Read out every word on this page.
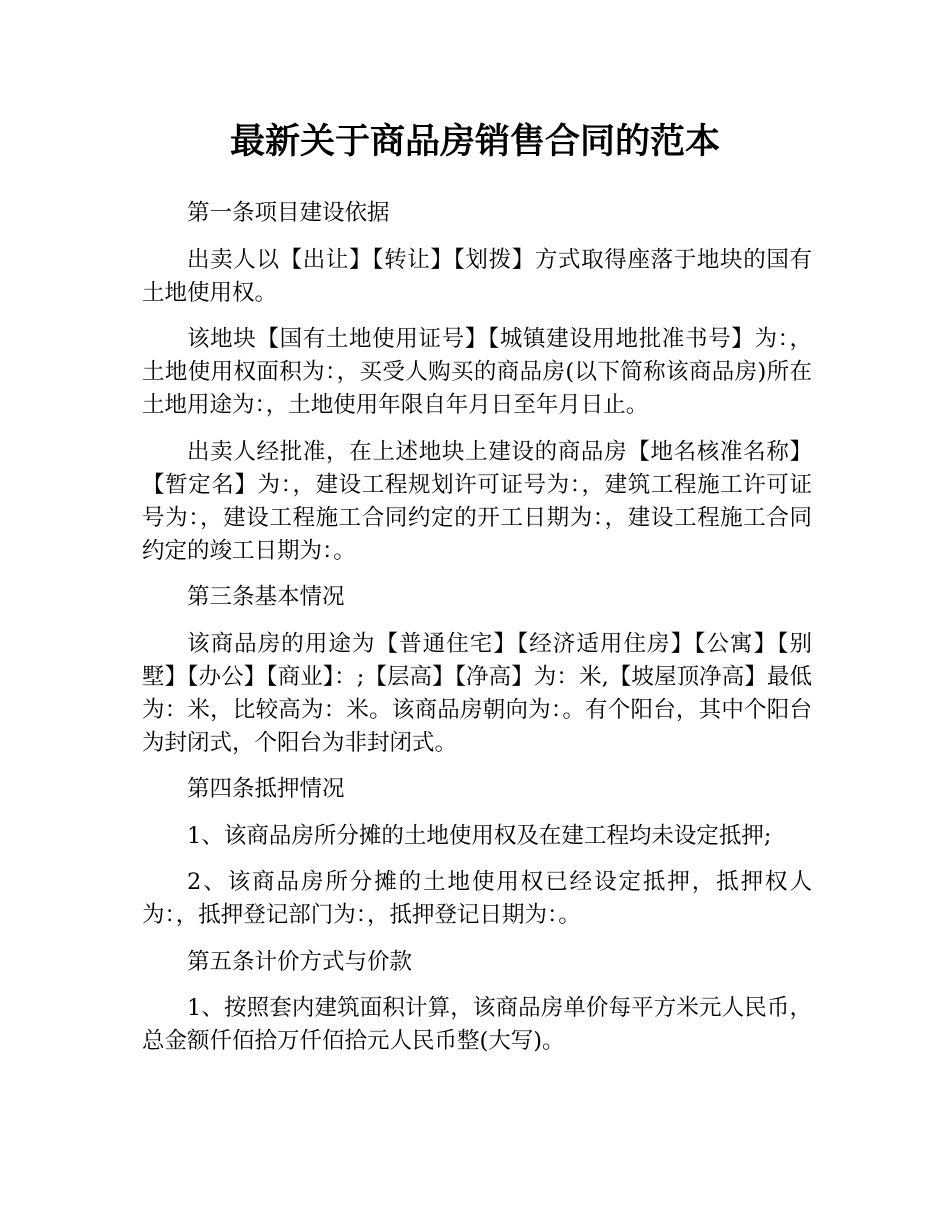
最新关于商品房销售合同的范本

第一条项目建设依据

出卖人以【出让】【转让】【划拨】方式取得座落于地块的国有土地使用权。

该地块【国有土地使用证号】【城镇建设用地批准书号】为：，土地使用权面积为：，买受人购买的商品房(以下简称该商品房)所在土地用途为：，土地使用年限自年月日至年月日止。

出卖人经批准，在上述地块上建设的商品房【地名核准名称】【暂定名】为：，建设工程规划许可证号为：，建筑工程施工许可证号为：，建设工程施工合同约定的开工日期为：，建设工程施工合同约定的竣工日期为：。

第三条基本情况

该商品房的用途为【普通住宅】【经济适用住房】【公寓】【别墅】【办公】【商业】：;【层高】【净高】为：米,【坡屋顶净高】最低为：米，比较高为：米。该商品房朝向为：。有个阳台，其中个阳台为封闭式，个阳台为非封闭式。

第四条抵押情况

1、该商品房所分摊的土地使用权及在建工程均未设定抵押;

2、该商品房所分摊的土地使用权已经设定抵押，抵押权人为：，抵押登记部门为：，抵押登记日期为：。

第五条计价方式与价款

1、按照套内建筑面积计算，该商品房单价每平方米元人民币，总金额仟佰拾万仟佰拾元人民币整(大写)。
